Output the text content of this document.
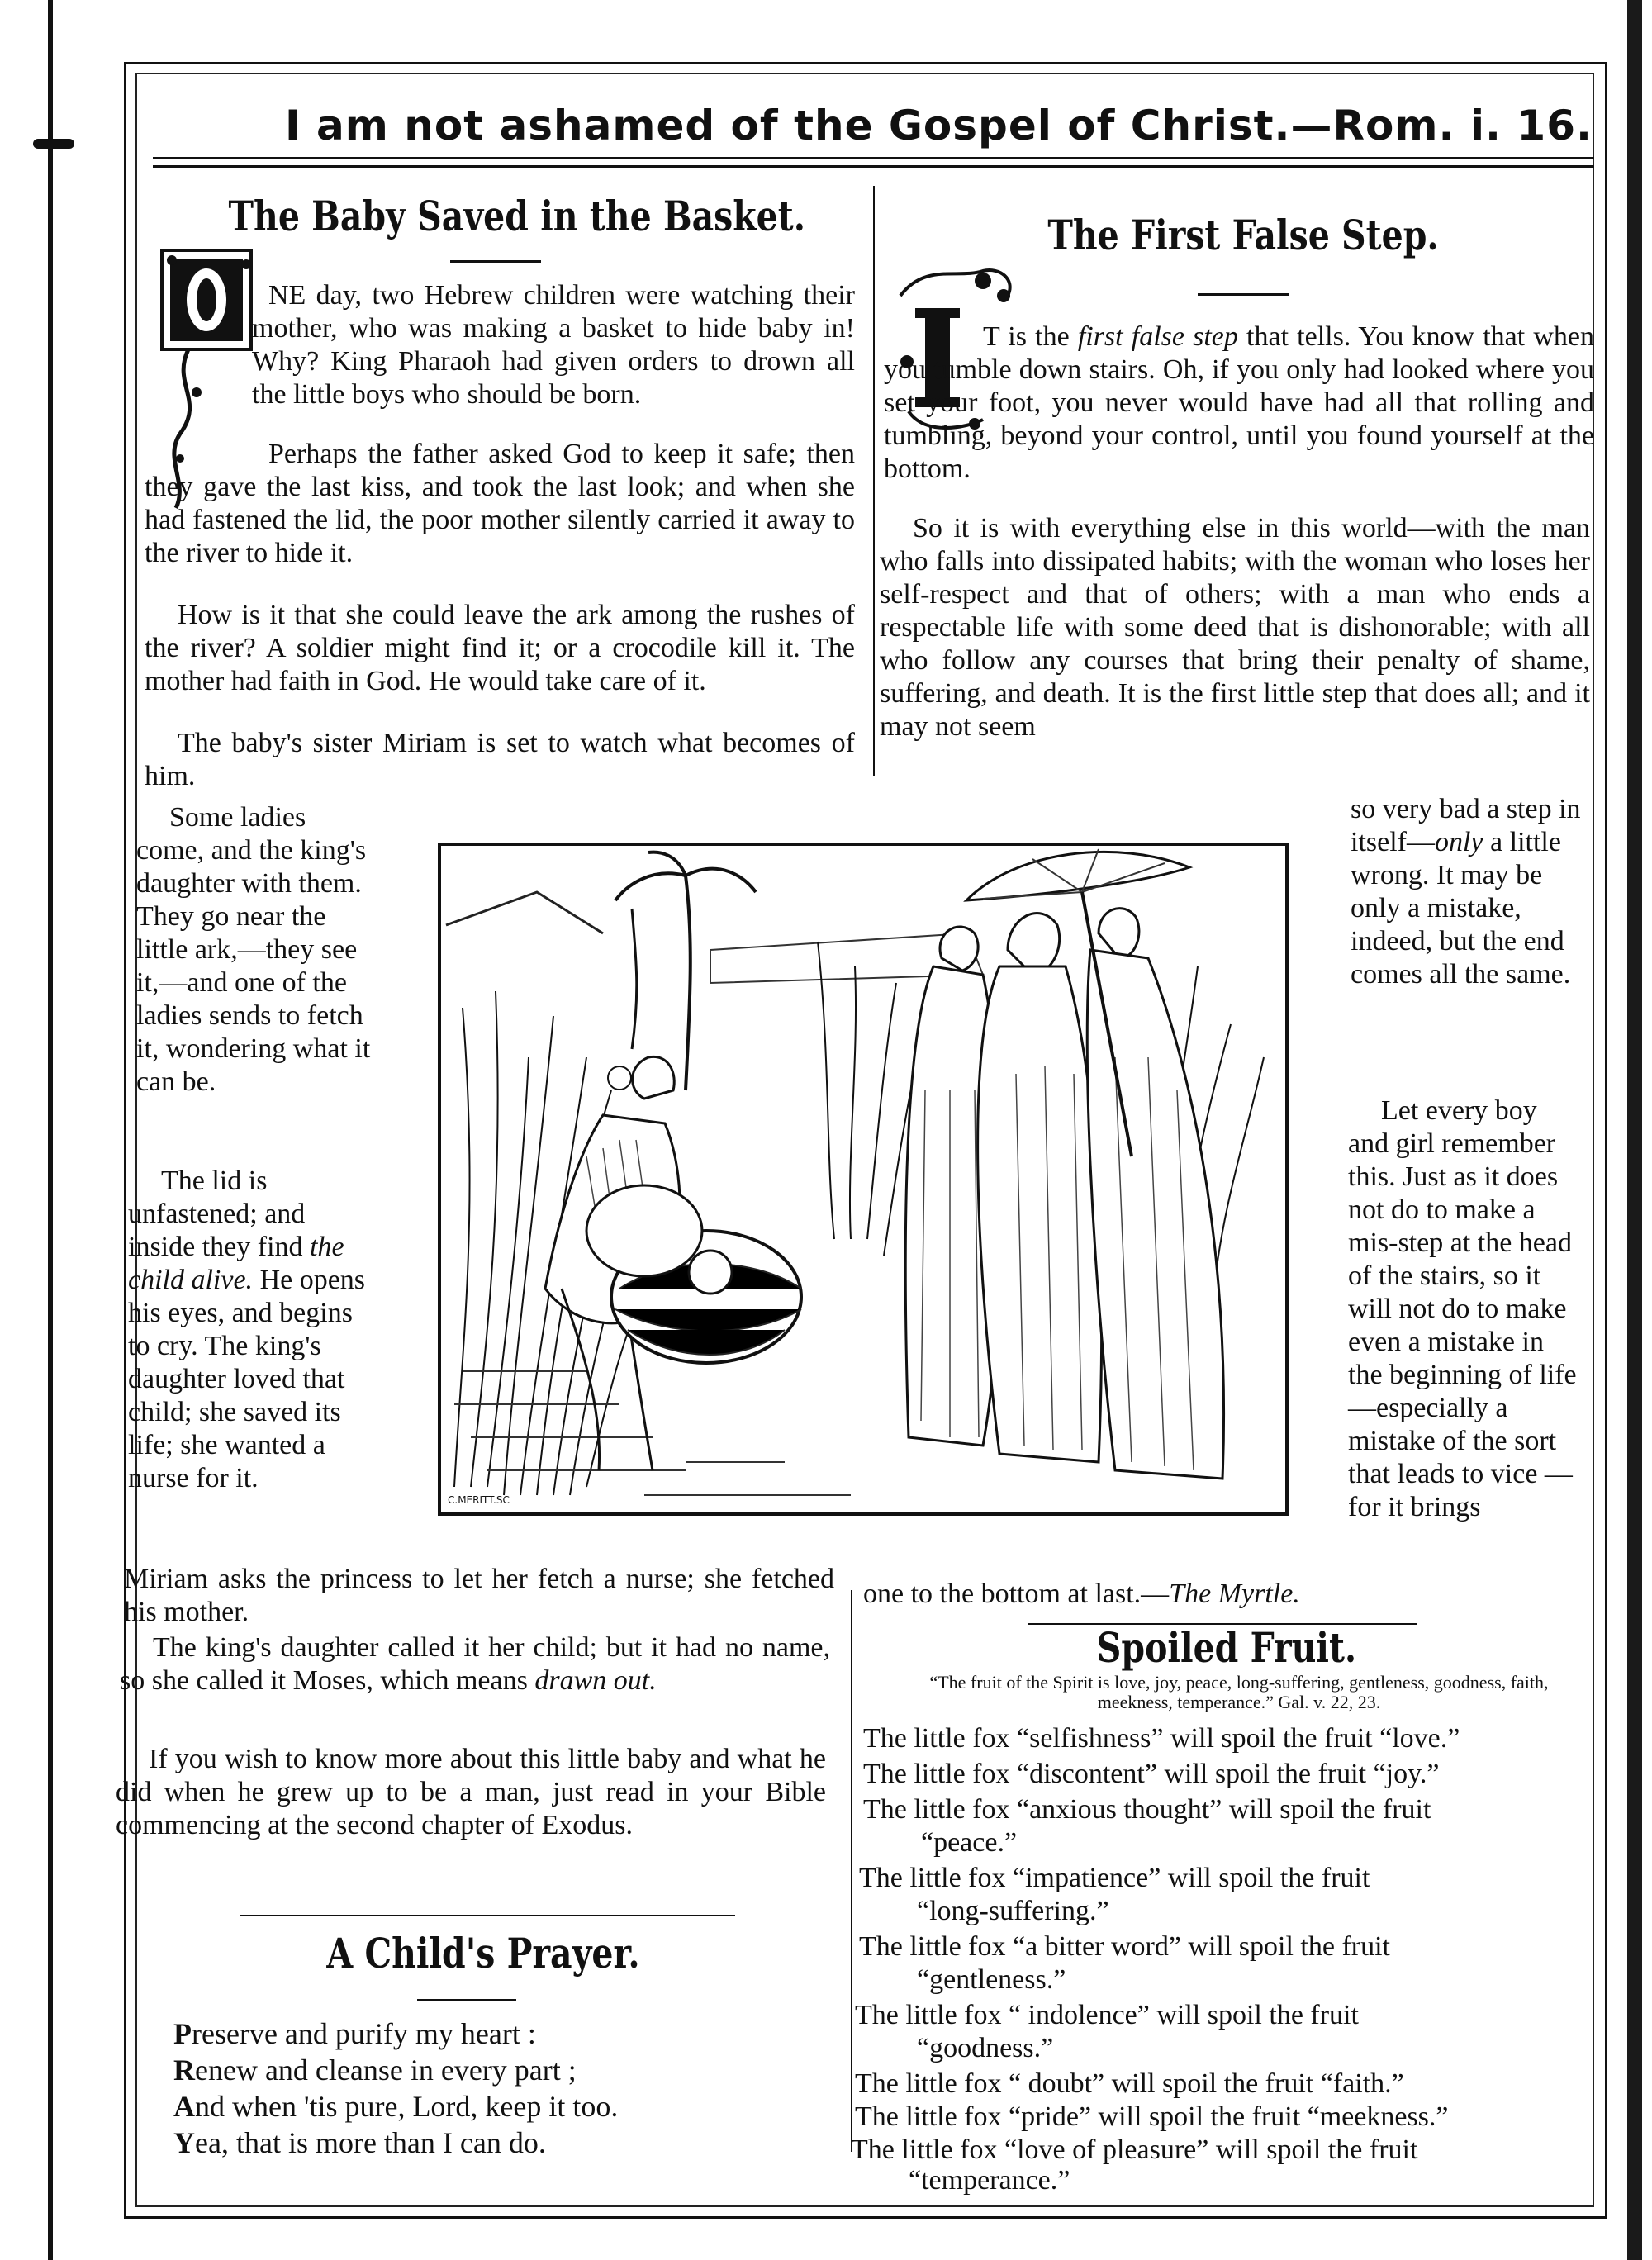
I am not ashamed of the Gospel of Christ.—Rom. i. 16.
The Baby Saved in the Basket.

NE day, two Hebrew children were watching their mother, who was making a basket to hide baby in! Why? King Pharaoh had given orders to drown all the little boys who should be born.

Perhaps the father asked God to keep it safe; then they gave the last kiss, and took the last look; and when she had fastened the lid, the poor mother silently carried it away to the river to hide it.

How is it that she could leave the ark among the rushes of the river? A soldier might find it; or a crocodile kill it. The mother had faith in God. He would take care of it.

The baby's sister Miriam is set to watch what becomes of him.

Some ladies come, and the king's daughter with them. They go near the little ark,—they see it,—and one of the ladies sends to fetch it, wondering what it can be.

The lid is unfastened; and inside they find the child alive. He opens his eyes, and begins to cry. The king's daughter loved that child; she saved its life; she wanted a nurse for it.

Miriam asks the princess to let her fetch a nurse; she fetched his mother.

The king's daughter called it her child; but it had no name, so she called it Moses, which means drawn out.

If you wish to know more about this little baby and what he did when he grew up to be a man, just read in your Bible commencing at the second chapter of Exodus.

The First False Step.

T is the first false step that tells. You know that when you tumble down stairs. Oh, if you only had looked where you set your foot, you never would have had all that rolling and tumbling, beyond your control, until you found yourself at the bottom.

So it is with everything else in this world—with the man who falls into dissipated habits; with the woman who loses her self-respect and that of others; with a man who ends a respectable life with some deed that is dishonorable; with all who follow any courses that bring their penalty of shame, suffering, and death. It is the first little step that does all; and it may not seem

so very bad a step in itself—only a little wrong. It may be only a mistake, indeed, but the end comes all the same.

Let every boy and girl remember this. Just as it does not do to make a mis-step at the head of the stairs, so it will not do to make even a mistake in the beginning of life—especially a mistake of the sort that leads to vice —for it brings

one to the bottom at last.—The Myrtle.

C.MERITT.SC
A Child's Prayer.
Preserve and purify my heart :
Renew and cleanse in every part ;
And when 'tis pure, Lord, keep it too.
Yea, that is more than I can do.
Spoiled Fruit.
“The fruit of the Spirit is love, joy, peace, long-suffering, gentleness, goodness, faith, meekness, temperance.” Gal. v. 22, 23.
The little fox “selfishness” will spoil the fruit “love.”
The little fox “discontent” will spoil the fruit “joy.”
The little fox “anxious thought” will spoil the fruit
“peace.”
The little fox “impatience” will spoil the fruit
“long-suffering.”
The little fox “a bitter word” will spoil the fruit
“gentleness.”
The little fox “ indolence” will spoil the fruit
“goodness.”
The little fox “ doubt” will spoil the fruit “faith.”
The little fox “pride” will spoil the fruit “meekness.”
The little fox “love of pleasure” will spoil the fruit
“temperance.”
